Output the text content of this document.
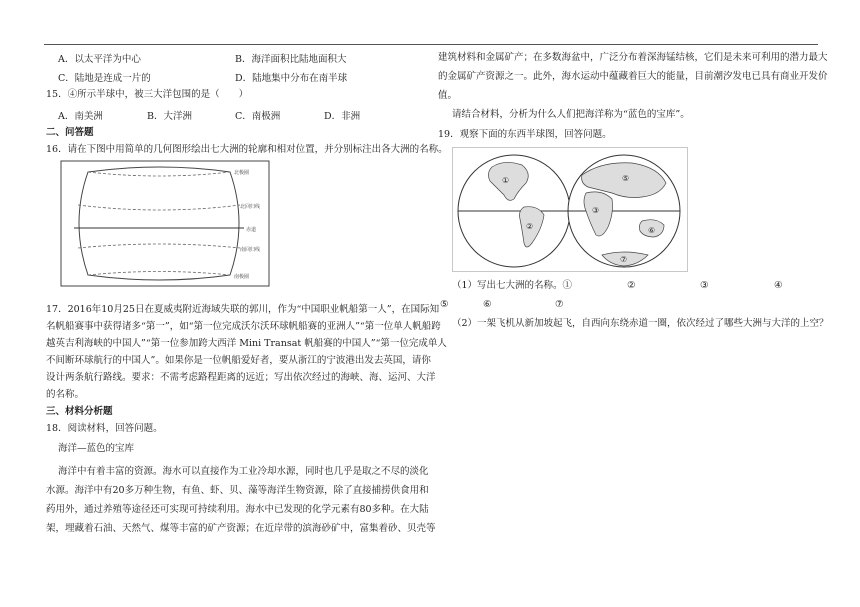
A．以太平洋为中心	B．海洋面积比陆地面积大
C．陆地是连成一片的	D．陆地集中分布在南半球
15．④所示半球中，被三大洋包围的是（　　）
A．南美洲	B．大洋洲	C．南极洲	D．非洲
二、问答题
16．请在下图中用简单的几何图形绘出七大洲的轮廓和相对位置，并分别标注出各大洲的名称。
北极圈
北回归线
赤道
南回归线
南极圈
17．2016年10月25日在夏威夷附近海域失联的郭川，作为“中国职业帆船第一人”，在国际知
名帆船赛事中获得诸多“第一”，如“第一位完成沃尔沃环球帆船赛的亚洲人”“第一位单人帆船跨
越英吉利海峡的中国人”“第一位参加跨大西洋 Mini Transat 帆船赛的中国人”“第一位完成单人
不间断环球航行的中国人”。如果你是一位帆船爱好者，要从浙江的宁波港出发去英国，请你
设计两条航行路线。要求：不需考虑路程距离的远近；写出依次经过的海峡、海、运河、大洋
的名称。
三、材料分析题
18．阅读材料，回答问题。
海洋—蓝色的宝库
海洋中有着丰富的资源。海水可以直接作为工业冷却水源，同时也几乎是取之不尽的淡化
水源。海洋中有20多万种生物，有鱼、虾、贝、藻等海洋生物资源，除了直接捕捞供食用和
药用外，通过养殖等途径还可实现可持续利用。海水中已发现的化学元素有80多种。在大陆
架，埋藏着石油、天然气、煤等丰富的矿产资源；在近岸带的滨海砂矿中，富集着砂、贝壳等
建筑材料和金属矿产；在多数海盆中，广泛分布着深海锰结核，它们是未来可利用的潜力最大
的金属矿产资源之一。此外，海水运动中蕴藏着巨大的能量，目前潮汐发电已具有商业开发价
值。
请结合材料，分析为什么人们把海洋称为“蓝色的宝库”。
19．观察下面的东西半球图，回答问题。
①
②
⑤
③
⑥
⑦
（1）写出七大洲的名称。①	②	③	④
⑤	⑥	⑦
（2）一架飞机从新加坡起飞，自西向东绕赤道一圈，依次经过了哪些大洲与大洋的上空？
